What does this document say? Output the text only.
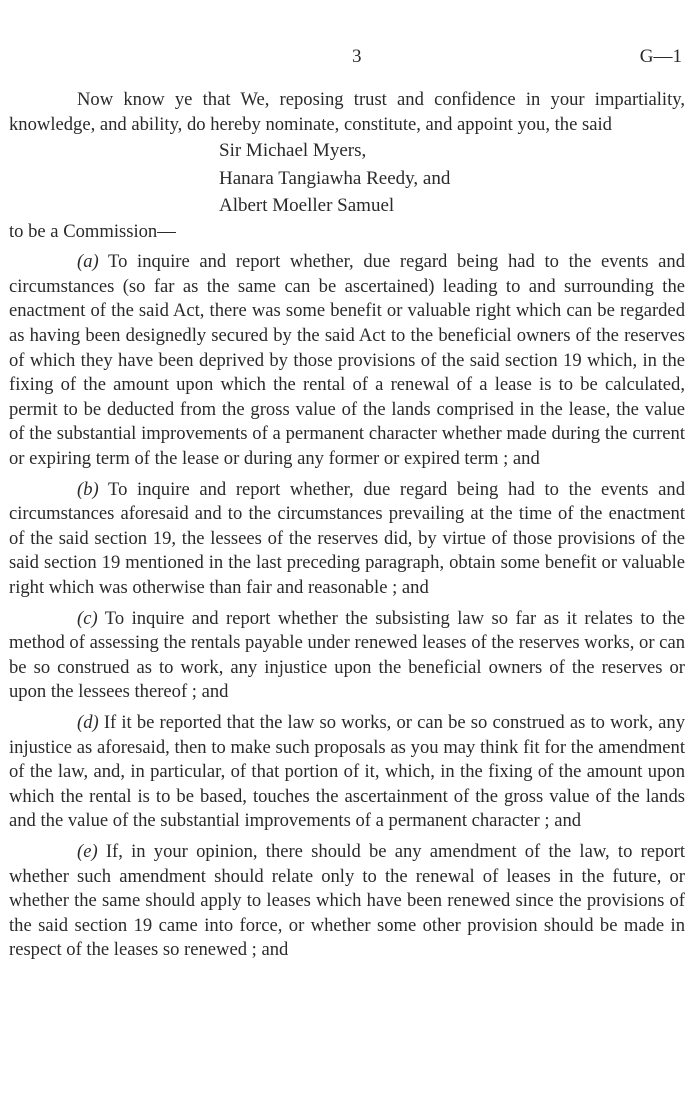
3	G—1

Now know ye that We, reposing trust and confidence in your impartiality, knowledge, and ability, do hereby nominate, constitute, and appoint you, the said

Sir Michael Myers,
Hanara Tangiawha Reedy, and
Albert Moeller Samuel

to be a Commission—

(a) To inquire and report whether, due regard being had to the events and circumstances (so far as the same can be ascertained) leading to and surrounding the enactment of the said Act, there was some benefit or valuable right which can be regarded as having been designedly secured by the said Act to the beneficial owners of the reserves of which they have been deprived by those provisions of the said section 19 which, in the fixing of the amount upon which the rental of a renewal of a lease is to be calculated, permit to be deducted from the gross value of the lands comprised in the lease, the value of the substantial improvements of a permanent character whether made during the current or expiring term of the lease or during any former or expired term ; and

(b) To inquire and report whether, due regard being had to the events and circumstances aforesaid and to the circumstances prevailing at the time of the enactment of the said section 19, the lessees of the reserves did, by virtue of those provisions of the said section 19 mentioned in the last preceding paragraph, obtain some benefit or valuable right which was otherwise than fair and reasonable ; and

(c) To inquire and report whether the subsisting law so far as it relates to the method of assessing the rentals payable under renewed leases of the reserves works, or can be so construed as to work, any injustice upon the beneficial owners of the reserves or upon the lessees thereof ; and

(d) If it be reported that the law so works, or can be so construed as to work, any injustice as aforesaid, then to make such proposals as you may think fit for the amendment of the law, and, in particular, of that portion of it, which, in the fixing of the amount upon which the rental is to be based, touches the ascertainment of the gross value of the lands and the value of the substantial improvements of a permanent character ; and

(e) If, in your opinion, there should be any amendment of the law, to report whether such amendment should relate only to the renewal of leases in the future, or whether the same should apply to leases which have been renewed since the provisions of the said section 19 came into force, or whether some other provision should be made in respect of the leases so renewed ; and
